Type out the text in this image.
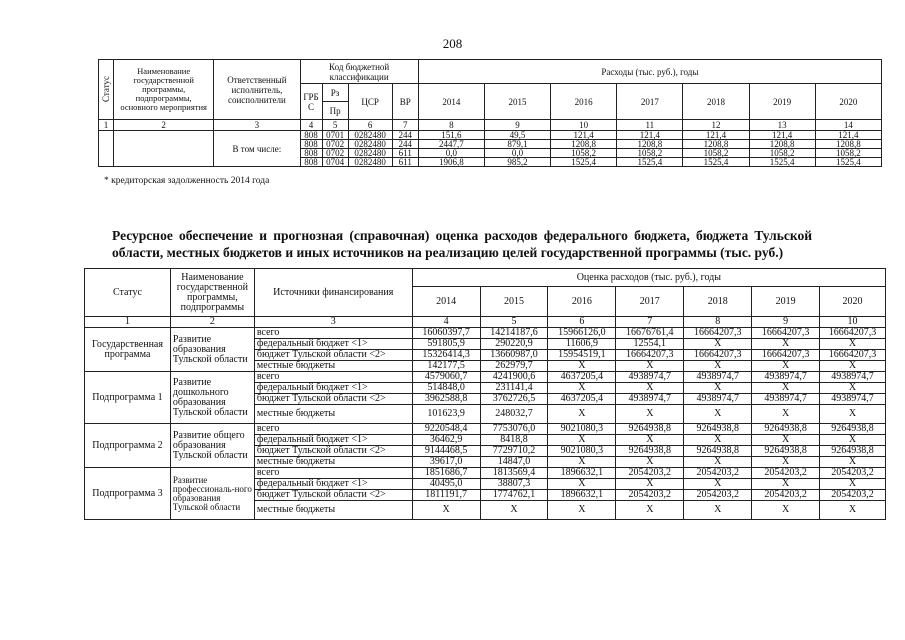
208
Статус	Наименование государственной программы, подпрограммы, основного мероприятия	Ответственный исполнитель, соисполнители	Код бюджетной классификации				Расходы (тыс. руб.), годы						
			ГРБ С	Рз	ЦСР	ВР	2014	2015	2016	2017	2018	2019	2020
				Пр									
1	2	3	4	5	6	7	8	9	10	11	12	13	14
		В том числе:	808	0701	0282480	244	151,6	49,5	121,4	121,4	121,4	121,4	121,4
			808	0702	0282480	244	2447,7	879,1	1208,8	1208,8	1208,8	1208,8	1208,8
			808	0702	0282480	611	0,0	0,0	1058,2	1058,2	1058,2	1058,2	1058,2
			808	0704	0282480	611	1906,8	985,2	1525,4	1525,4	1525,4	1525,4	1525,4
* кредиторская задолженность 2014 года
Ресурсное обеспечение и прогнозная (справочная) оценка расходов федерального бюджета, бюджета Тульской области, местных бюджетов и иных источников на реализацию целей государственной программы (тыс. руб.)
Статус	Наименование государственной программы, подпрограммы	Источники финансирования	Оценка расходов (тыс. руб.), годы						
			2014	2015	2016	2017	2018	2019	2020
1	2	3	4	5	6	7	8	9	10
Государственная программа	Развитие образования Тульской области	всего	16060397,7	14214187,6	15966126,0	16676761,4	16664207,3	16664207,3	16664207,3
		федеральный бюджет <1>	591805,9	290220,9	11606,9	12554,1	X	X	X
		бюджет Тульской области <2>	15326414,3	13660987,0	15954519,1	16664207,3	16664207,3	16664207,3	16664207,3
		местные бюджеты	142177,5	262979,7	X	X	X	X	X
Подпрограмма 1	Развитие дошкольного образования Тульской области	всего	4579060,7	4241900,6	4637205,4	4938974,7	4938974,7	4938974,7	4938974,7
		федеральный бюджет <1>	514848,0	231141,4	X	X	X	X	X
		бюджет Тульской области <2>	3962588,8	3762726,5	4637205,4	4938974,7	4938974,7	4938974,7	4938974,7
		местные бюджеты	101623,9	248032,7	X	X	X	X	X
Подпрограмма 2	Развитие общего образования Тульской области	всего	9220548,4	7753076,0	9021080,3	9264938,8	9264938,8	9264938,8	9264938,8
		федеральный бюджет <1>	36462,9	8418,8	X	X	X	X	X
		бюджет Тульской области <2>	9144468,5	7729710,2	9021080,3	9264938,8	9264938,8	9264938,8	9264938,8
		местные бюджеты	39617,0	14847,0	X	X	X	X	X
Подпрограмма 3	Развитие профессиональ-ного образования Тульской области	всего	1851686,7	1813569,4	1896632,1	2054203,2	2054203,2	2054203,2	2054203,2
		федеральный бюджет <1>	40495,0	38807,3	X	X	X	X	X
		бюджет Тульской области <2>	1811191,7	1774762,1	1896632,1	2054203,2	2054203,2	2054203,2	2054203,2
		местные бюджеты	X	X	X	X	X	X	X
